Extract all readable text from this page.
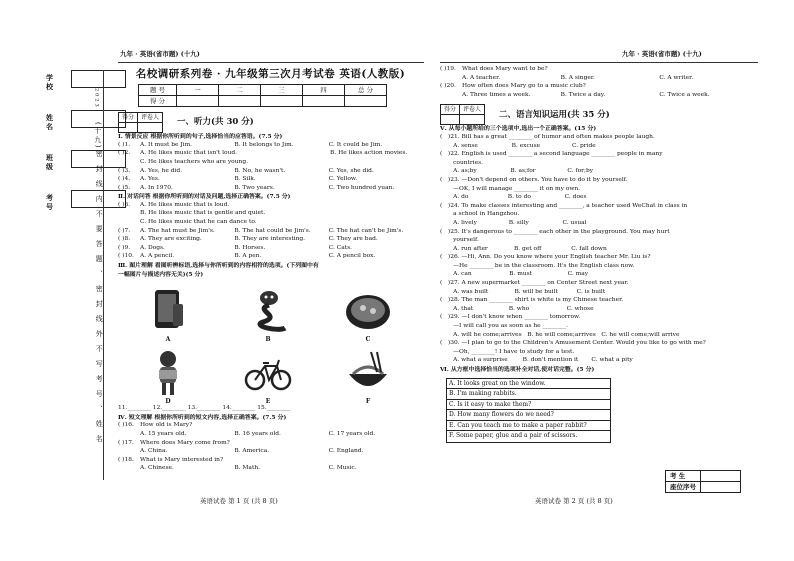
学 校
姓 名
班 级
考 号
2023
(十九)
密封线内不要答题、密封线外不写考号、姓名
九年 · 英语(省市题) (十九)	九年 · 英语(省市题) (十九)
名校调研系列卷 · 九年级第三次月考试卷 英语(人教版)
题 号	一	二	三	四	总 分
得 分					
得分	评卷人
	一、听力(共 30 分)
Ⅰ. 情景反应 根据你所听到的句子,选择恰当的应答语。(7.5 分)
( )1.	A. It must be Jim.	B. It belongs to Jim.	C. It could be Jim.
( )2.	A. He likes music that isn't loud.	B. He likes action movies.
C. He likes teachers who are young.
( )3.	A. Yes, he did.	B. No, he wasn't.	C. Yes, she did.
( )4.	A. Yes.	B. Silk.	C. Yellow.
( )5.	A. In 1970.	B. Two years.	C. Two hundred yuan.
Ⅱ. 对话问答 根据你所听到的对话及问题,选择正确答案。(7.5 分)
( )6.	A. He likes music that is loud.
B. He likes music that is gentle and quiet.
C. He likes music that he can dance to.
( )7.	A. The hat must be Jim's.	B. The hat could be Jim's.	C. The hat can't be Jim's.
( )8.	A. They are exciting.	B. They are interesting.	C. They are bad.
( )9.	A. Dogs.	B. Horses.	C. Cats.
( )10.	A. A pencil.	B. A pen.	C. A pencil box.
Ⅲ. 图片理解 看图听辨标语,选择与你所听到的内容相符的选项。(下列图中有
一幅图片与描述内容无关)(5 分)
A	B	C
D	E	F
11.________ 12.________ 13.________ 14.________ 15.________
Ⅳ. 短文理解 根据你所听到的短文内容,选择正确答案。(7.5 分)
( )16.	How old is Mary?
A. 15 years old.	B. 16 years old.	C. 17 years old.
( )17.	Where does Mary come from?
A. China.	B. America.	C. England.
( )18.	What is Mary interested in?
A. Chinese.	B. Math.	C. Music.
( )19.	What does Mary want to be?
A. A teacher.	B. A singer.	C. A writer.
( )20.	How often does Mary go to a music club?
A. Three times a week.	B. Twice a day.	C. Twice a week.
得分	评卷人
	二、语言知识运用(共 35 分)
Ⅴ. 从每小题所给的三个选项中,选出一个正确答案。(15 分)
(   )21. Bill has a great ________ of humor and often makes people laugh.
A. sense                  B. excuse                 C. pride
(   )22. English is used ________ a second language ________ people in many
countries.
A. as;by                  B. as;for                 C. for;by
(   )23. —Don't depend on others. You have to do it by yourself.
—OK, I will manage ________ it on my own.
A. do                     B. to do                  C. does
(   )24. To make classes interesting and ________, a teacher used WeChat in class in
a school in Hangzhou.
A. lively                 B. silly                  C. usual
(   )25. It's dangerous to ________ each other in the playground. You may hurt
yourself.
A. run after              B. get off                C. fall down
(   )26. —Hi, Ann. Do you know where your English teacher Mr. Liu is?
—He ________ be in the classroom. It's the English class now.
A. can                    B. must                   C. may
(   )27. A new supermarket ________ on Center Street next year.
A. was built              B. will be built          C. is built
(   )28. The man ________ shirt is white is my Chinese teacher.
A. that                   B. who                    C. whose
(   )29. —I don't know when ________ tomorrow.
—I will call you as soon as he ________.
A. will he come;arrives   B. he will come;arrives   C. he will come;will arrive
(   )30. —I plan to go to the Children's Amusement Center. Would you like to go with me?
—Oh, ________! I have to study for a test.
A. what a surprise        B. don't mention it       C. what a pity
Ⅵ. 从方框中选择恰当的选项补全对话,使对话完整。(5 分)
A. It looks great on the window.
B. I'm making rabbits.
C. Is it easy to make them?
D. How many flowers do we need?
E. Can you teach me to make a paper rabbit?
F. Some paper, glue and a pair of scissors.
考 生	
座位序号	
英语试卷 第 1 页 (共 8 页)	英语试卷 第 2 页 (共 8 页)
